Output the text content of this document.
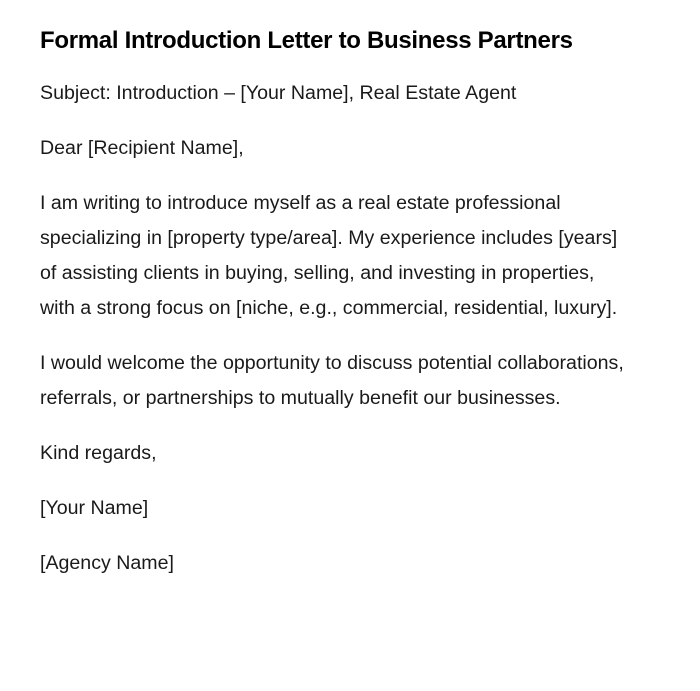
Formal Introduction Letter to Business Partners

Subject: Introduction – [Your Name], Real Estate Agent

Dear [Recipient Name],

I am writing to introduce myself as a real estate professional specializing in [property type/area]. My experience includes [years] of assisting clients in buying, selling, and investing in properties, with a strong focus on [niche, e.g., commercial, residential, luxury].

I would welcome the opportunity to discuss potential collaborations, referrals, or partnerships to mutually benefit our businesses.

Kind regards,

[Your Name]

[Agency Name]
